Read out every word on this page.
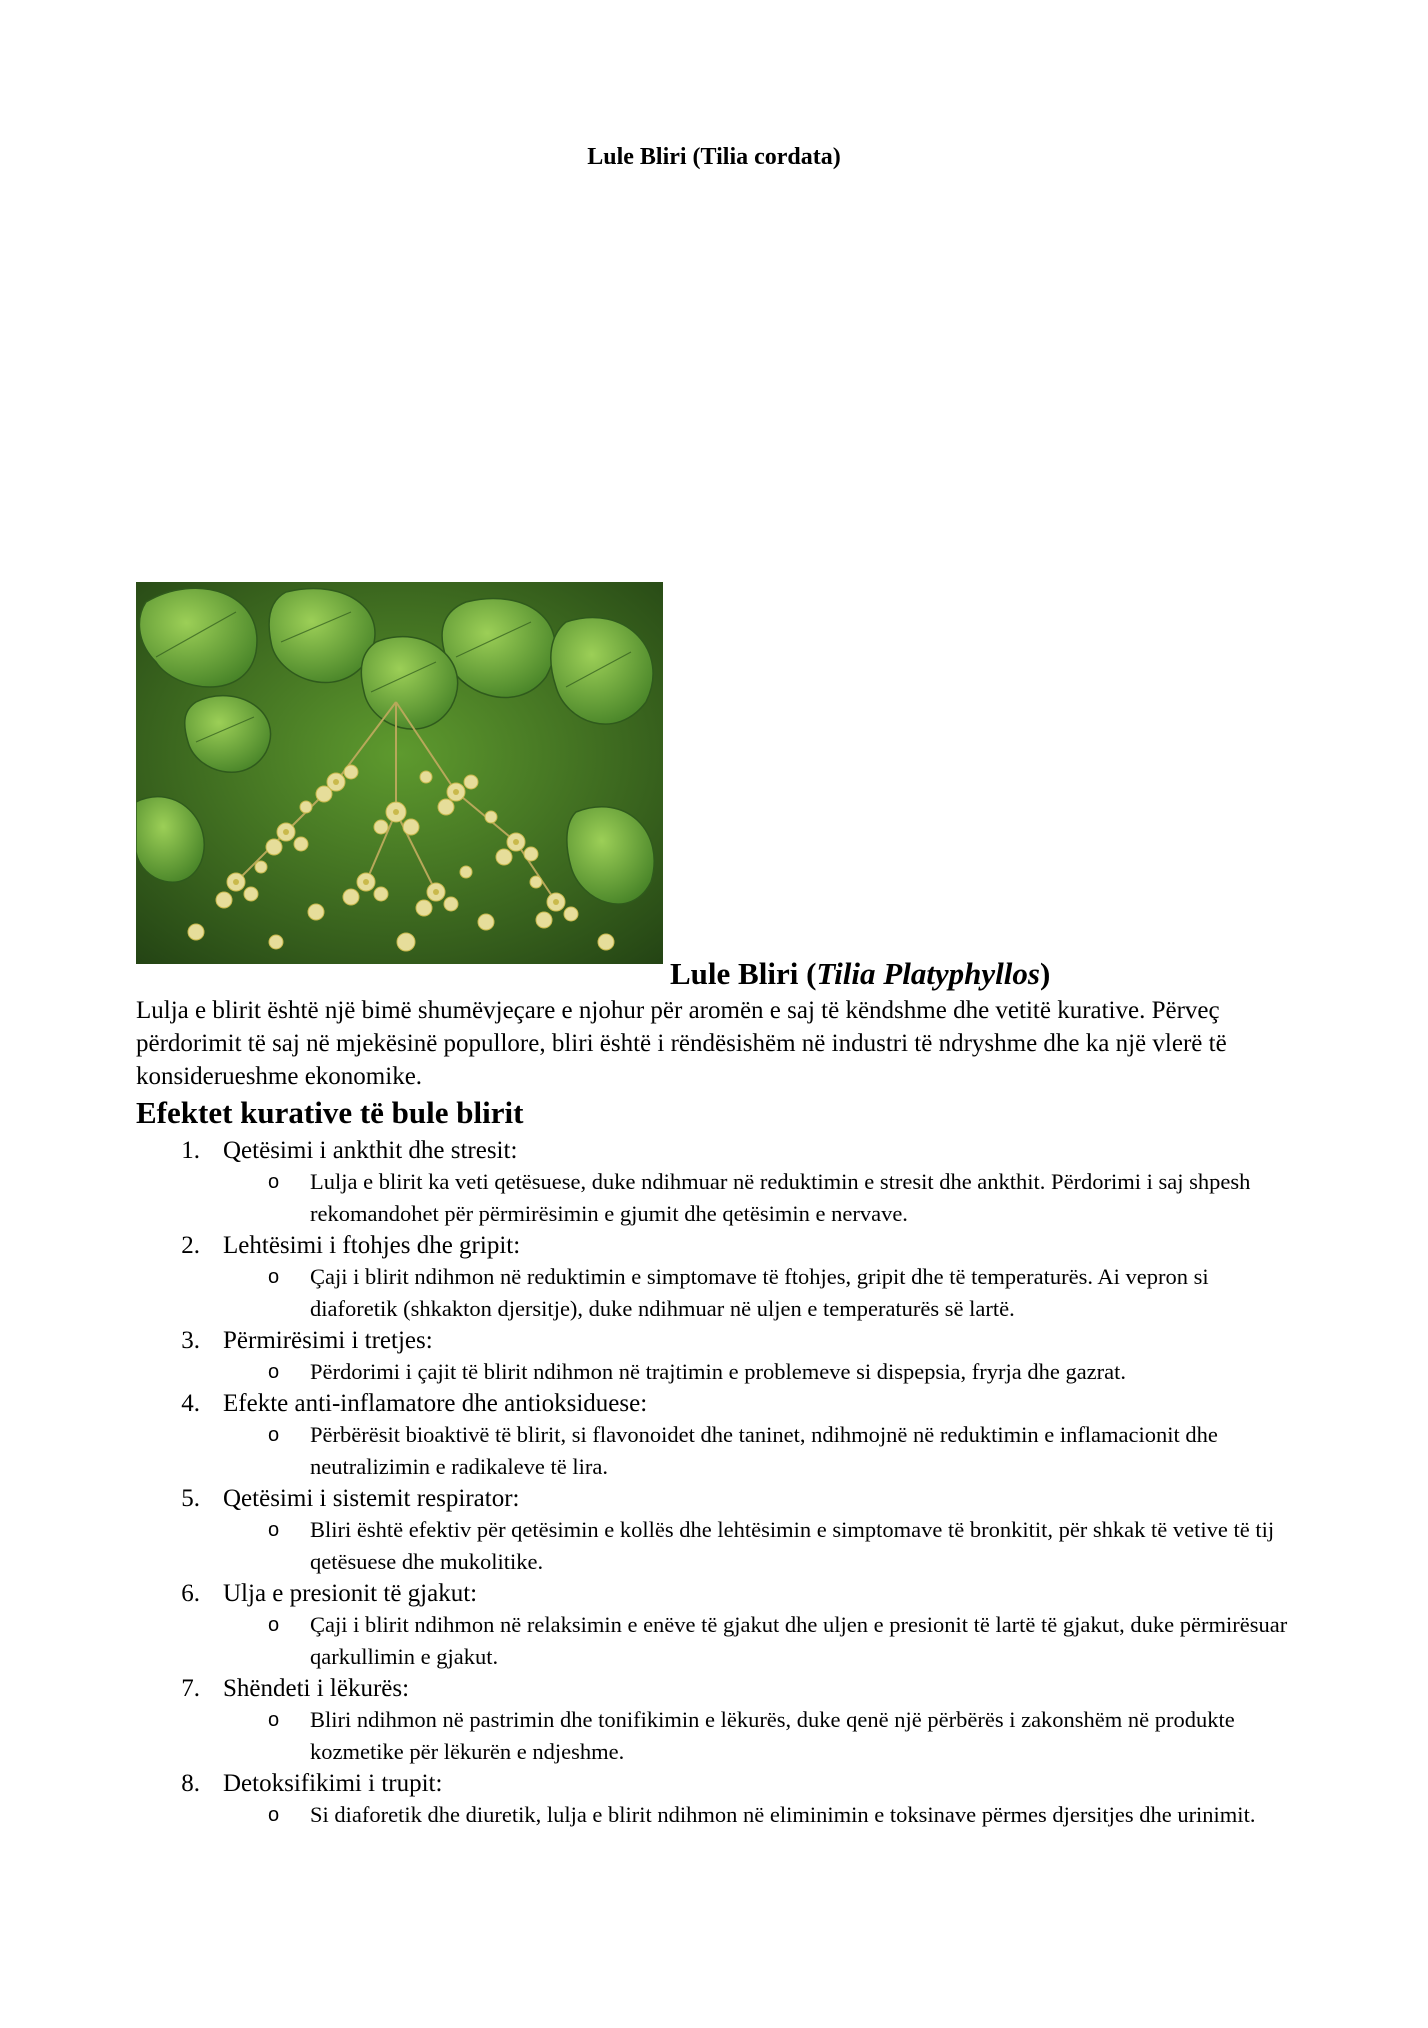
Lule Bliri (Tilia cordata)
Lule Bliri (Tilia Platyphyllos)

Lulja e blirit është një bimë shumëvjeçare e njohur për aromën e saj të këndshme dhe vetitë kurative. Përveç përdorimit të saj në mjekësinë popullore, bliri është i rëndësishëm në industri të ndryshme dhe ka një vlerë të konsiderueshme ekonomike.

Efektet kurative të bule blirit
1. Qetësimi i ankthit dhe stresit:
o Lulja e blirit ka veti qetësuese, duke ndihmuar në reduktimin e stresit dhe ankthit. Përdorimi i saj shpesh rekomandohet për përmirësimin e gjumit dhe qetësimin e nervave.
2. Lehtësimi i ftohjes dhe gripit:
o Çaji i blirit ndihmon në reduktimin e simptomave të ftohjes, gripit dhe të temperaturës. Ai vepron si diaforetik (shkakton djersitje), duke ndihmuar në uljen e temperaturës së lartë.
3. Përmirësimi i tretjes:
o Përdorimi i çajit të blirit ndihmon në trajtimin e problemeve si dispepsia, fryrja dhe gazrat.
4. Efekte anti-inflamatore dhe antioksiduese:
o Përbërësit bioaktivë të blirit, si flavonoidet dhe taninet, ndihmojnë në reduktimin e inflamacionit dhe neutralizimin e radikaleve të lira.
5. Qetësimi i sistemit respirator:
o Bliri është efektiv për qetësimin e kollës dhe lehtësimin e simptomave të bronkitit, për shkak të vetive të tij qetësuese dhe mukolitike.
6. Ulja e presionit të gjakut:
o Çaji i blirit ndihmon në relaksimin e enëve të gjakut dhe uljen e presionit të lartë të gjakut, duke përmirësuar qarkullimin e gjakut.
7. Shëndeti i lëkurës:
o Bliri ndihmon në pastrimin dhe tonifikimin e lëkurës, duke qenë një përbërës i zakonshëm në produkte kozmetike për lëkurën e ndjeshme.
8. Detoksifikimi i trupit:
o Si diaforetik dhe diuretik, lulja e blirit ndihmon në eliminimin e toksinave përmes djersitjes dhe urinimit.
